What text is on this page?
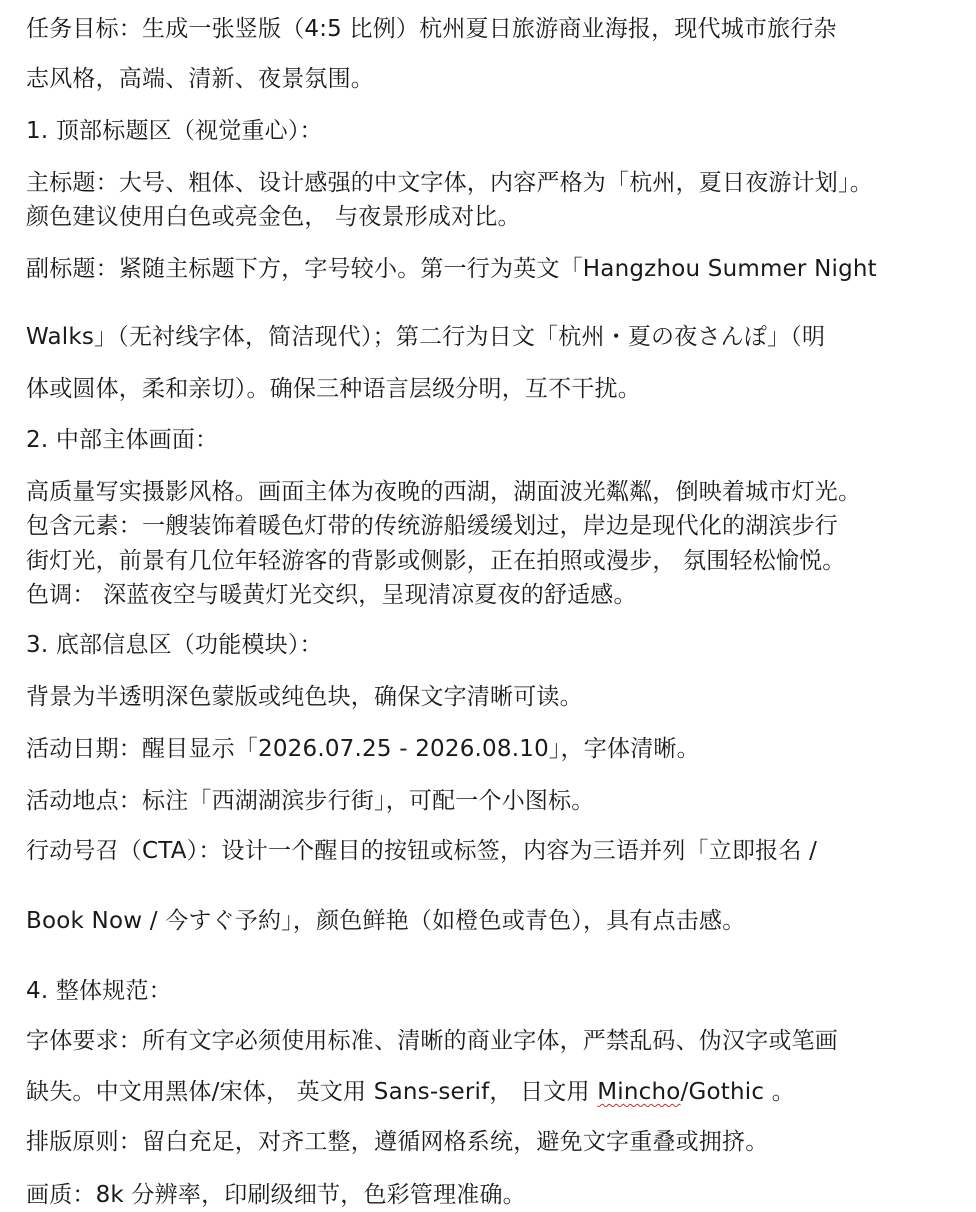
任务目标：生成一张竖版（4:5 比例）杭州夏日旅游商业海报，现代城市旅行杂
志风格，高端、清新、夜景氛围。
1. 顶部标题区（视觉重心）：
主标题：大号、粗体、设计感强的中文字体，内容严格为「杭州，夏日夜游计划」。
颜色建议使用白色或亮金色， 与夜景形成对比。
副标题：紧随主标题下方，字号较小。第一行为英文「Hangzhou Summer Night
Walks」（无衬线字体，简洁现代）；第二行为日文「杭州・夏の夜さんぽ」（明
体或圆体，柔和亲切）。确保三种语言层级分明，互不干扰。
2. 中部主体画面：
高质量写实摄影风格。画面主体为夜晚的西湖，湖面波光粼粼，倒映着城市灯光。
包含元素：一艘装饰着暖色灯带的传统游船缓缓划过，岸边是现代化的湖滨步行
街灯光，前景有几位年轻游客的背影或侧影，正在拍照或漫步， 氛围轻松愉悦。
色调： 深蓝夜空与暖黄灯光交织，呈现清凉夏夜的舒适感。
3. 底部信息区（功能模块）：
背景为半透明深色蒙版或纯色块，确保文字清晰可读。
活动日期：醒目显示「2026.07.25 - 2026.08.10」，字体清晰。
活动地点：标注「西湖湖滨步行街」，可配一个小图标。
行动号召（CTA）：设计一个醒目的按钮或标签，内容为三语并列「立即报名 /
Book Now / 今すぐ予約」，颜色鲜艳（如橙色或青色），具有点击感。
4. 整体规范：
字体要求：所有文字必须使用标准、清晰的商业字体，严禁乱码、伪汉字或笔画
缺失。中文用黑体/宋体， 英文用 Sans-serif， 日文用 Mincho/Gothic 。
排版原则：留白充足，对齐工整，遵循网格系统，避免文字重叠或拥挤。
画质：8k 分辨率，印刷级细节，色彩管理准确。
